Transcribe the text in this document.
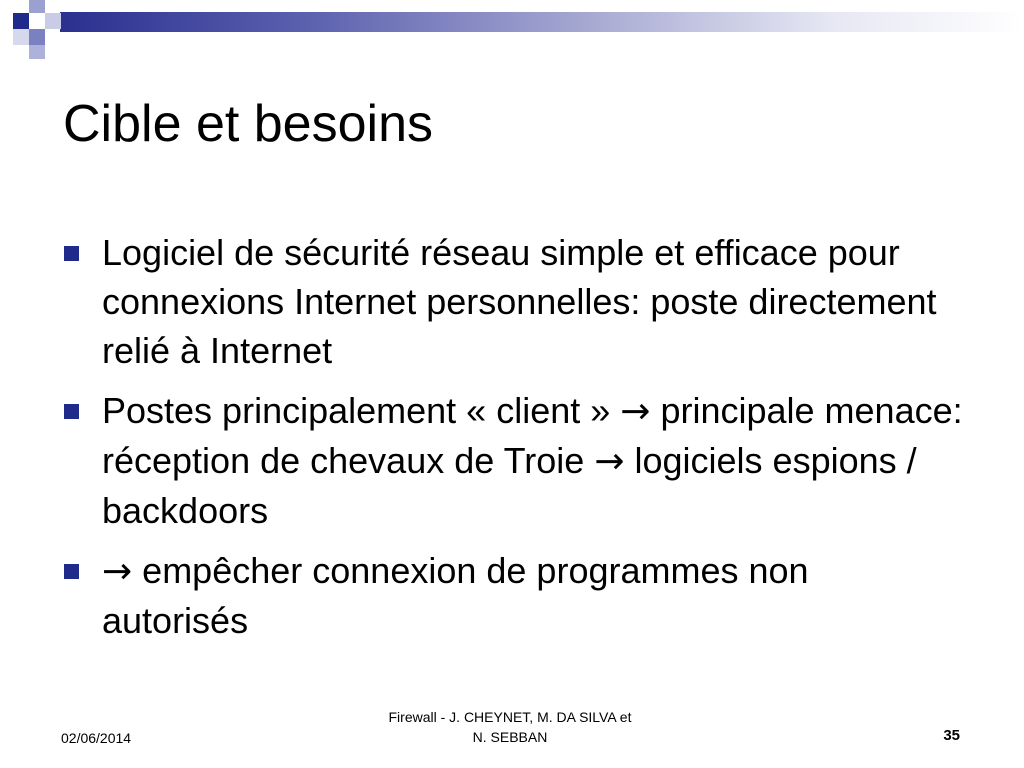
Cible et besoins
Logiciel de sécurité réseau simple et efficace pour connexions Internet personnelles: poste directement relié à Internet
Postes principalement « client » → principale menace: réception de chevaux de Troie → logiciels espions / backdoors
→ empêcher connexion de programmes non autorisés
02/06/2014
Firewall - J. CHEYNET, M. DA SILVA et
N. SEBBAN	35
